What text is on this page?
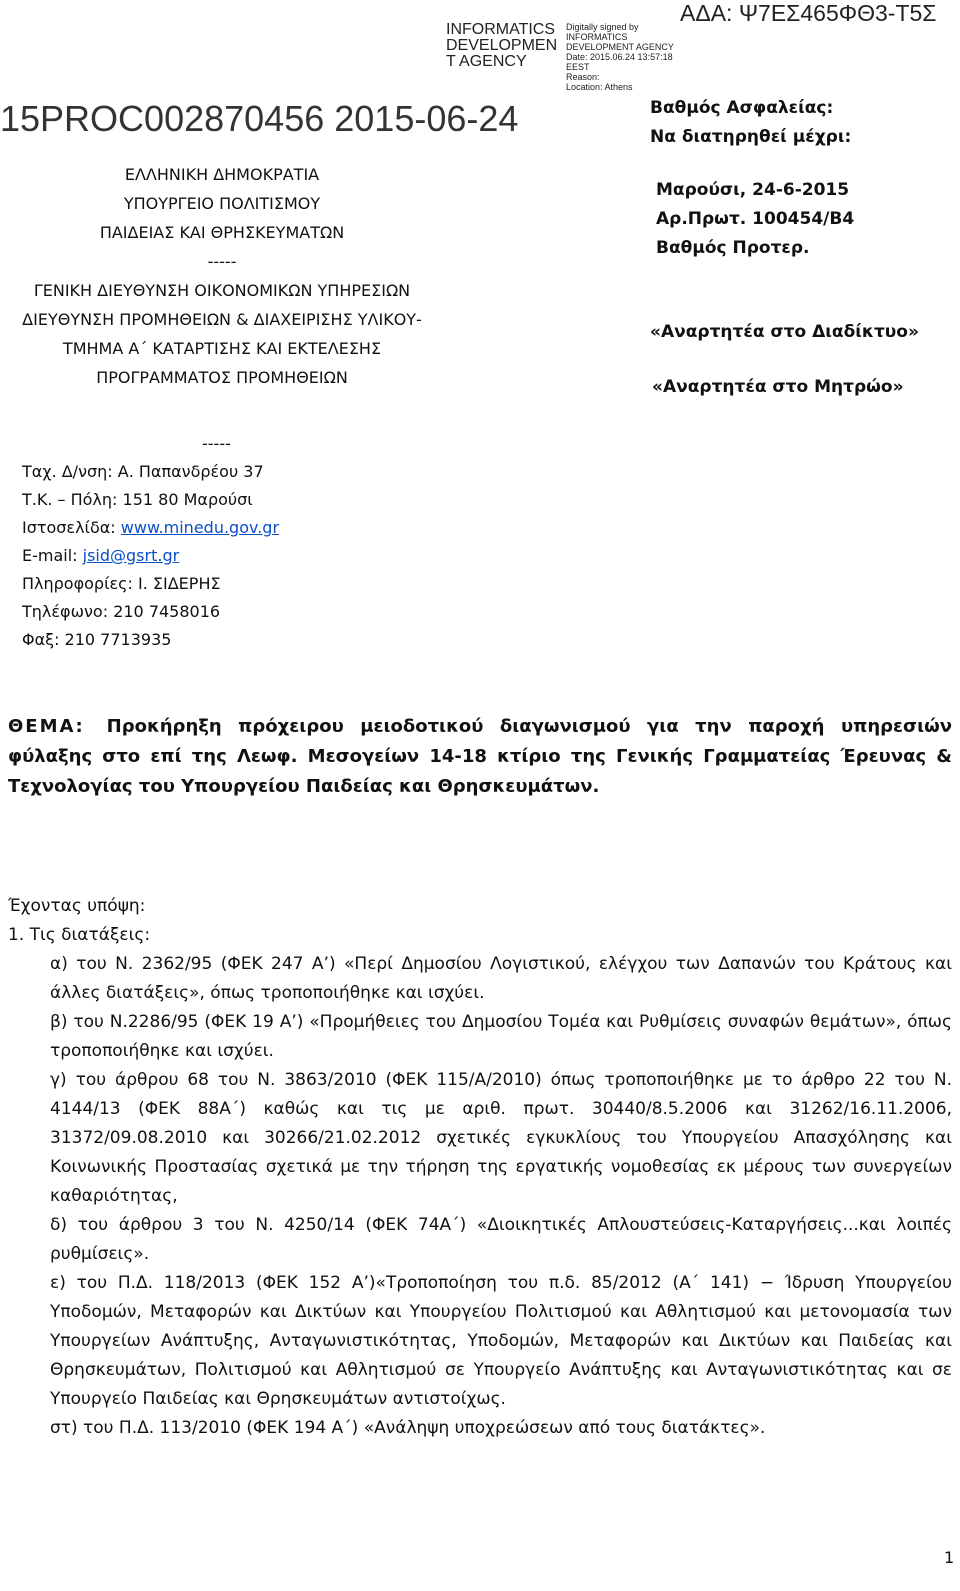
INFORMATICS
DEVELOPMEN
T AGENCY
Digitally signed by
INFORMATICS
DEVELOPMENT AGENCY
Date: 2015.06.24 13:57:18
EEST
Reason:
Location: Athens
ΑΔΑ: Ψ7ΕΣ465ΦΘ3-Τ5Σ
15PROC002870456 2015-06-24
ΕΛΛΗΝΙΚΗ ΔΗΜΟΚΡΑΤΙΑ
ΥΠΟΥΡΓΕΙΟ ΠΟΛΙΤΙΣΜΟΥ
ΠΑΙΔΕΙΑΣ ΚΑΙ ΘΡΗΣΚΕΥΜΑΤΩΝ
-----
ΓΕΝΙΚΗ ΔΙΕΥΘΥΝΣΗ ΟΙΚΟΝΟΜΙΚΩΝ ΥΠΗΡΕΣΙΩΝ
ΔΙΕΥΘΥΝΣΗ ΠΡΟΜΗΘΕΙΩΝ & ΔΙΑΧΕΙΡΙΣΗΣ ΥΛΙΚΟΥ-
ΤΜΗΜΑ Α΄ ΚΑΤΑΡΤΙΣΗΣ ΚΑΙ ΕΚΤΕΛΕΣΗΣ
ΠΡΟΓΡΑΜΜΑΤΟΣ ΠΡΟΜΗΘΕΙΩΝ
Βαθμός Ασφαλείας:
Να διατηρηθεί μέχρι:
Μαρούσι, 24-6-2015
Αρ.Πρωτ. 100454/Β4
Βαθμός Προτερ.
«Αναρτητέα στο Διαδίκτυο»
«Αναρτητέα στο Μητρώο»
-----
Ταχ. Δ/νση: Α. Παπανδρέου 37
Τ.Κ. – Πόλη: 151 80 Μαρούσι
Ιστοσελίδα: www.minedu.gov.gr
E-mail: jsid@gsrt.gr
Πληροφορίες: Ι. ΣΙΔΕΡΗΣ
Τηλέφωνο: 210 7458016
Φαξ: 210 7713935
ΘΕΜΑ: Προκήρηξη πρόχειρου μειοδοτικού διαγωνισμού για την παροχή υπηρεσιών φύλαξης στο επί της Λεωφ. Μεσογείων 14-18 κτίριο της Γενικής Γραμματείας Έρευνας & Τεχνολογίας του Υπουργείου Παιδείας και Θρησκευμάτων.
Έχοντας υπόψη:
1. Τις διατάξεις:
α) του Ν. 2362/95 (ΦΕΚ 247 Α’) «Περί Δημοσίου Λογιστικού, ελέγχου των Δαπανών του Κράτους και άλλες διατάξεις», όπως τροποποιήθηκε και ισχύει.
β) του Ν.2286/95 (ΦΕΚ 19 Α’) «Προμήθειες του Δημοσίου Τομέα και Ρυθμίσεις συναφών θεμάτων», όπως τροποποιήθηκε και ισχύει.
γ) του άρθρου 68 του Ν. 3863/2010 (ΦΕΚ 115/Α/2010) όπως τροποποιήθηκε με το άρθρο 22 του Ν. 4144/13 (ΦΕΚ 88Α΄) καθώς και τις με αριθ. πρωτ. 30440/8.5.2006 και 31262/16.11.2006, 31372/09.08.2010 και 30266/21.02.2012 σχετικές εγκυκλίους του Υπουργείου Απασχόλησης και Κοινωνικής Προστασίας σχετικά με την τήρηση της εργατικής νομοθεσίας εκ μέρους των συνεργείων καθαριότητας,
δ) του άρθρου 3 του Ν. 4250/14 (ΦΕΚ 74Α΄) «Διοικητικές Απλουστεύσεις-Καταργήσεις...και λοιπές ρυθμίσεις».
ε) του Π.Δ. 118/2013 (ΦΕΚ 152 Α’)«Τροποποίηση του π.δ. 85/2012 (Α΄ 141) − Ίδρυση Υπουργείου Υποδομών, Μεταφορών και Δικτύων και Υπουργείου Πολιτισμού και Αθλητισμού και μετονομασία των Υπουργείων Ανάπτυξης, Ανταγωνιστικότητας, Υποδομών, Μεταφορών και Δικτύων και Παιδείας και Θρησκευμάτων, Πολιτισμού και Αθλητισμού σε Υπουργείο Ανάπτυξης και Ανταγωνιστικότητας και σε Υπουργείο Παιδείας και Θρησκευμάτων αντιστοίχως.
στ) του Π.Δ. 113/2010 (ΦΕΚ 194 Α΄) «Ανάληψη υποχρεώσεων από τους διατάκτες».
1
